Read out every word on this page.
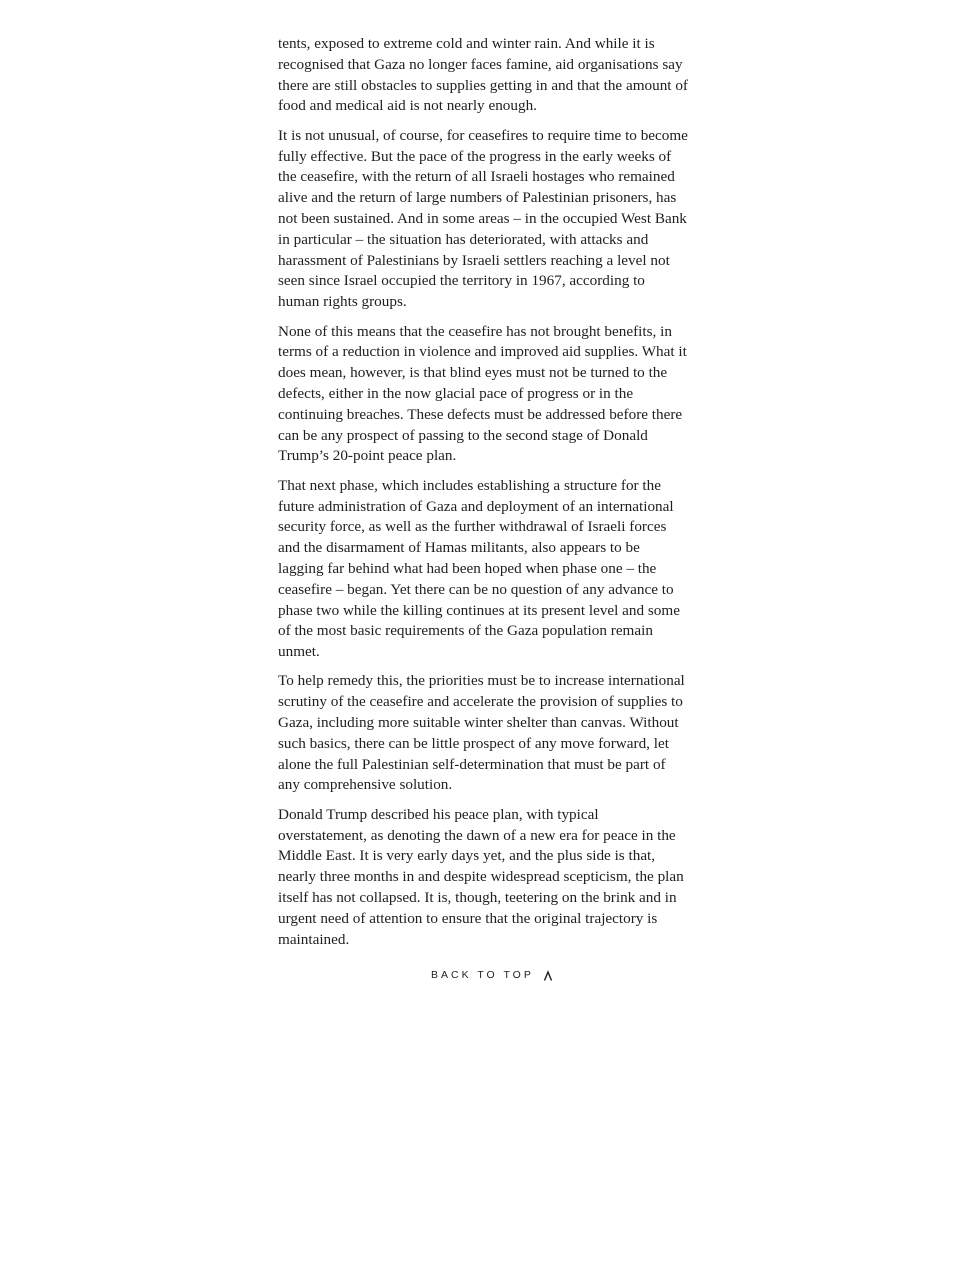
tents, exposed to extreme cold and winter rain. And while it is recognised that Gaza no longer faces famine, aid organisations say there are still obstacles to supplies getting in and that the amount of food and medical aid is not nearly enough.

It is not unusual, of course, for ceasefires to require time to become fully effective. But the pace of the progress in the early weeks of the ceasefire, with the return of all Israeli hostages who remained alive and the return of large numbers of Palestinian prisoners, has not been sustained. And in some areas – in the occupied West Bank in particular – the situation has deteriorated, with attacks and harassment of Palestinians by Israeli settlers reaching a level not seen since Israel occupied the territory in 1967, according to human rights groups.

None of this means that the ceasefire has not brought benefits, in terms of a reduction in violence and improved aid supplies. What it does mean, however, is that blind eyes must not be turned to the defects, either in the now glacial pace of progress or in the continuing breaches. These defects must be addressed before there can be any prospect of passing to the second stage of Donald Trump’s 20-point peace plan.

That next phase, which includes establishing a structure for the future administration of Gaza and deployment of an international security force, as well as the further withdrawal of Israeli forces and the disarmament of Hamas militants, also appears to be lagging far behind what had been hoped when phase one – the ceasefire – began. Yet there can be no question of any advance to phase two while the killing continues at its present level and some of the most basic requirements of the Gaza population remain unmet.

To help remedy this, the priorities must be to increase international scrutiny of the ceasefire and accelerate the provision of supplies to Gaza, including more suitable winter shelter than canvas. Without such basics, there can be little prospect of any move forward, let alone the full Palestinian self-determination that must be part of any comprehensive solution.

Donald Trump described his peace plan, with typical overstatement, as denoting the dawn of a new era for peace in the Middle East. It is very early days yet, and the plus side is that, nearly three months in and despite widespread scepticism, the plan itself has not collapsed. It is, though, teetering on the brink and in urgent need of attention to ensure that the original trajectory is maintained.

BACK TO TOP
